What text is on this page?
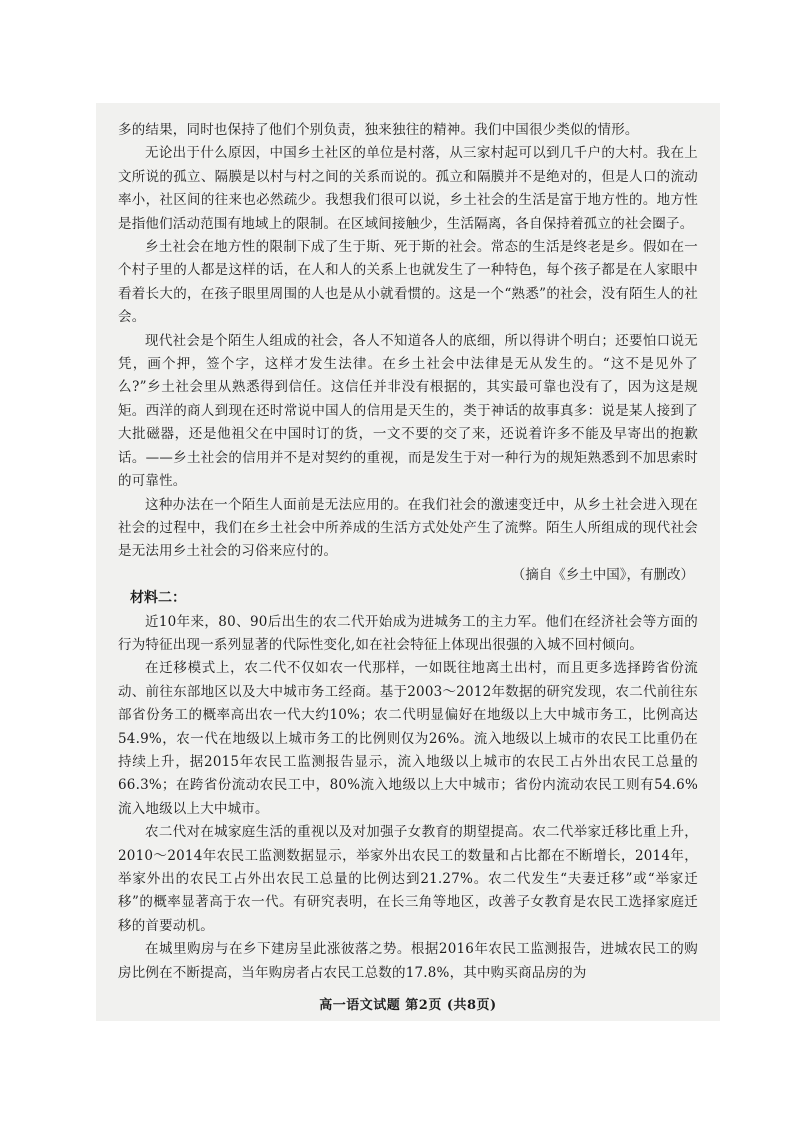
多的结果，同时也保持了他们个别负责，独来独往的精神。我们中国很少类似的情形。

无论出于什么原因，中国乡土社区的单位是村落，从三家村起可以到几千户的大村。我在上文所说的孤立、隔膜是以村与村之间的关系而说的。孤立和隔膜并不是绝对的，但是人口的流动率小，社区间的往来也必然疏少。我想我们很可以说，乡土社会的生活是富于地方性的。地方性是指他们活动范围有地域上的限制。在区域间接触少，生活隔离，各自保持着孤立的社会圈子。

乡土社会在地方性的限制下成了生于斯、死于斯的社会。常态的生活是终老是乡。假如在一个村子里的人都是这样的话，在人和人的关系上也就发生了一种特色，每个孩子都是在人家眼中看着长大的，在孩子眼里周围的人也是从小就看惯的。这是一个“熟悉”的社会，没有陌生人的社会。

现代社会是个陌生人组成的社会，各人不知道各人的底细，所以得讲个明白；还要怕口说无凭，画个押，签个字，这样才发生法律。在乡土社会中法律是无从发生的。“这不是见外了么?”乡土社会里从熟悉得到信任。这信任并非没有根据的，其实最可靠也没有了，因为这是规矩。西洋的商人到现在还时常说中国人的信用是天生的，类于神话的故事真多：说是某人接到了大批磁器，还是他祖父在中国时订的货，一文不要的交了来，还说着许多不能及早寄出的抱歉话。——乡土社会的信用并不是对契约的重视，而是发生于对一种行为的规矩熟悉到不加思索时的可靠性。

这种办法在一个陌生人面前是无法应用的。在我们社会的激速变迁中，从乡土社会进入现在社会的过程中，我们在乡土社会中所养成的生活方式处处产生了流弊。陌生人所组成的现代社会是无法用乡土社会的习俗来应付的。

（摘自《乡土中国》，有删改）

材料二：

近10年来，80、90后出生的农二代开始成为进城务工的主力军。他们在经济社会等方面的行为特征出现一系列显著的代际性变化,如在社会特征上体现出很强的入城不回村倾向。

在迁移模式上，农二代不仅如农一代那样，一如既往地离土出村，而且更多选择跨省份流动、前往东部地区以及大中城市务工经商。基于2003～2012年数据的研究发现，农二代前往东部省份务工的概率高出农一代大约10%；农二代明显偏好在地级以上大中城市务工，比例高达54.9%，农一代在地级以上城市务工的比例则仅为26%。流入地级以上城市的农民工比重仍在持续上升，据2015年农民工监测报告显示，流入地级以上城市的农民工占外出农民工总量的66.3%；在跨省份流动农民工中，80%流入地级以上大中城市；省份内流动农民工则有54.6%流入地级以上大中城市。

农二代对在城家庭生活的重视以及对加强子女教育的期望提高。农二代举家迁移比重上升，2010～2014年农民工监测数据显示，举家外出农民工的数量和占比都在不断增长，2014年，举家外出的农民工占外出农民工总量的比例达到21.27%。农二代发生“夫妻迁移”或“举家迁移”的概率显著高于农一代。有研究表明，在长三角等地区，改善子女教育是农民工选择家庭迁移的首要动机。

在城里购房与在乡下建房呈此涨彼落之势。根据2016年农民工监测报告，进城农民工的购房比例在不断提高，当年购房者占农民工总数的17.8%，其中购买商品房的为

高一语文试题 第2页 (共8页)
